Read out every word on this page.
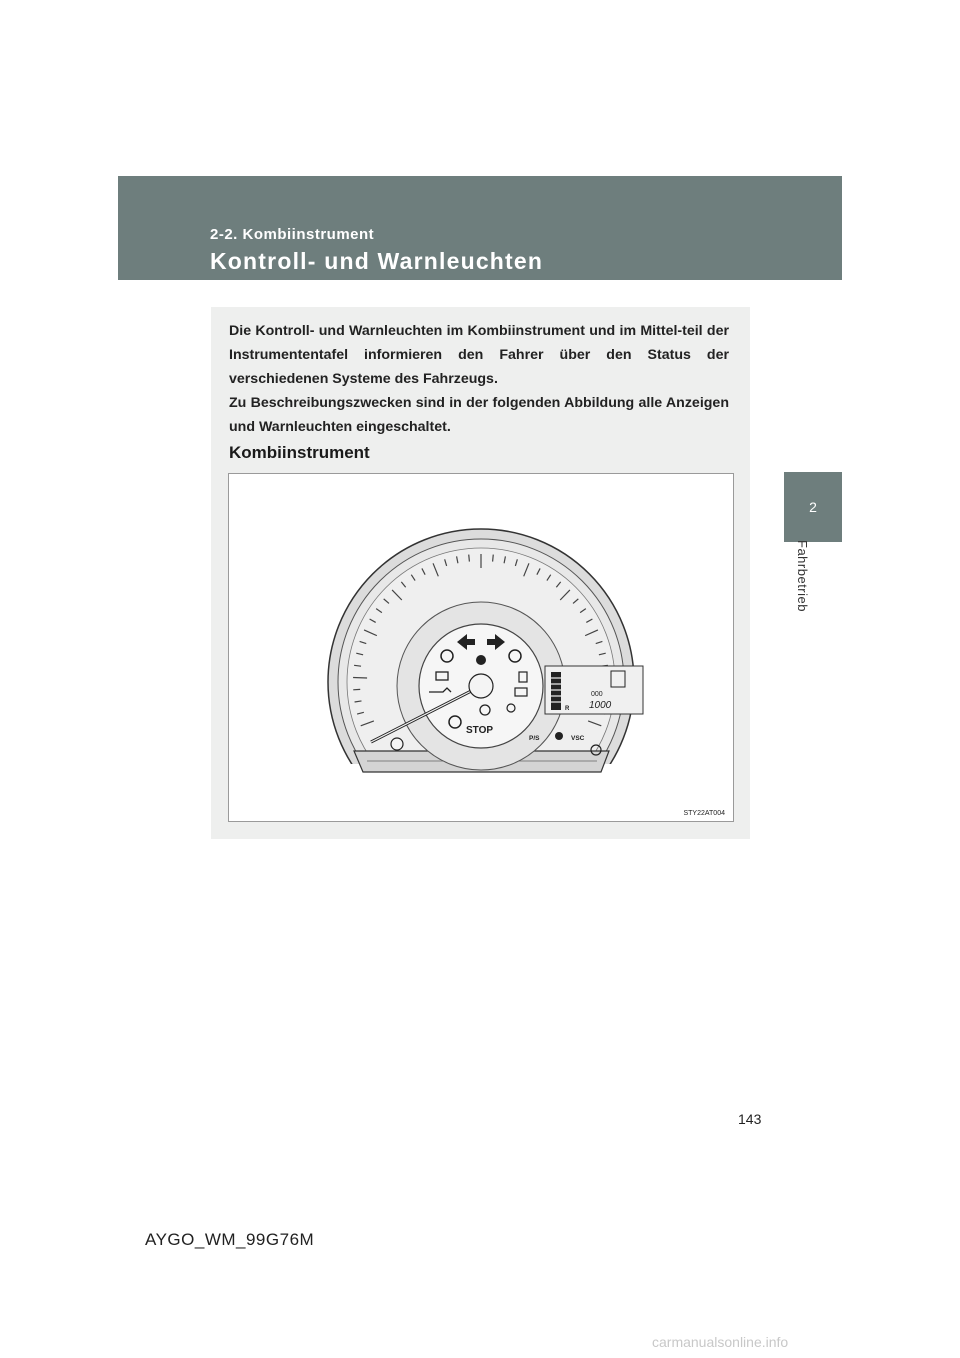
2-2. Kombiinstrument
Kontroll- und Warnleuchten
2
Fahrbetrieb

Die Kontroll- und Warnleuchten im Kombiinstrument und im Mittel-teil der Instrumententafel informieren den Fahrer über den Status der verschiedenen Systeme des Fahrzeugs.

Zu Beschreibungszwecken sind in der folgenden Abbildung alle Anzeigen und Warnleuchten eingeschaltet.

Kombiinstrument
000
1000
R
STOP
P/S	VSC
STY22AT004
143
AYGO_WM_99G76M
carmanualsonline.info
